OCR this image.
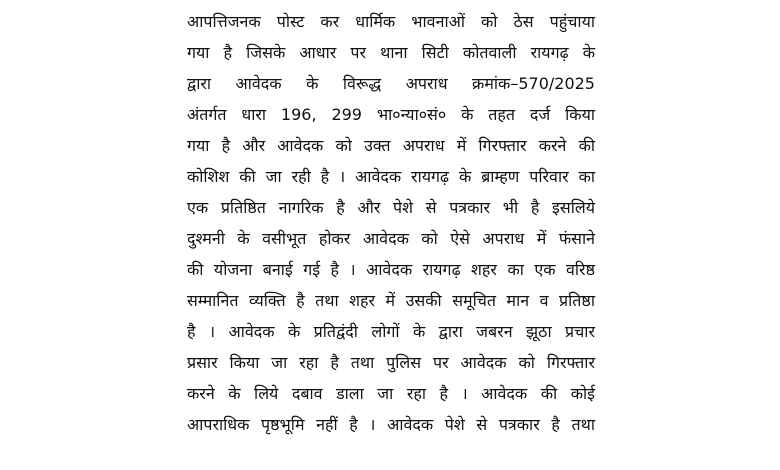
आपत्तिजनक पोस्ट कर धार्मिक भावनाओं को ठेस पहुंचाया
गया है जिसके आधार पर थाना सिटी कोतवाली रायगढ़ के
द्वारा आवेदक के विरूद्ध अपराध क्रमांक–570/2025
अंतर्गत धारा 196, 299 भा०न्या०सं० के तहत दर्ज किया
गया है और आवेदक को उक्त अपराध में गिरफ्तार करने की
कोशिश की जा रही है । आवेदक रायगढ़ के ब्राम्हण परिवार का
एक प्रतिष्ठित नागरिक है और पेशे से पत्रकार भी है इसलिये
दुश्मनी के वसीभूत होकर आवेदक को ऐसे अपराध में फंसाने
की योजना बनाई गई है । आवेदक रायगढ़ शहर का एक वरिष्ठ
सम्मानित व्यक्ति है तथा शहर में उसकी समूचित मान व प्रतिष्ठा
है । आवेदक के प्रतिद्वंदी लोगों के द्वारा जबरन झूठा प्रचार
प्रसार किया जा रहा है तथा पुलिस पर आवेदक को गिरफ्तार
करने के लिये दबाव डाला जा रहा है । आवेदक की कोई
आपराधिक पृष्ठभूमि नहीं है । आवेदक पेशे से पत्रकार है तथा
